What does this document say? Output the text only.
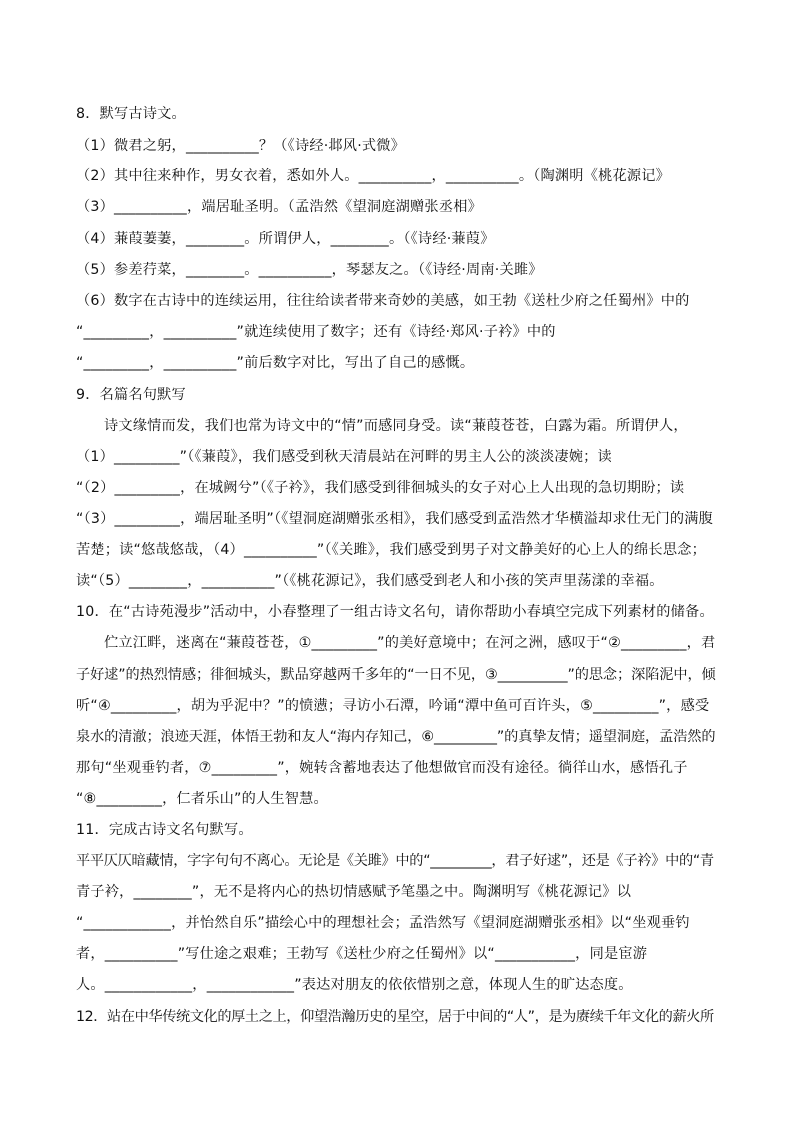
8．默写古诗文。
（1）微君之躬，__________？（《诗经·邶风·式微》
（2）其中往来种作，男女衣着，悉如外人。__________，__________。（陶渊明《桃花源记》
（3）__________，端居耻圣明。（孟浩然《望洞庭湖赠张丞相》
（4）蒹葭萋萋，________。所谓伊人，________。（《诗经·蒹葭》
（5）参差荇菜，________。__________，琴瑟友之。（《诗经·周南·关雎》
（6）数字在古诗中的连续运用，往往给读者带来奇妙的美感，如王勃《送杜少府之任蜀州》中的
“_________，__________”就连续使用了数字；还有《诗经·郑风·子衿》中的
“_________，__________”前后数字对比，写出了自己的感慨。
9．名篇名句默写
诗文缘情而发，我们也常为诗文中的“情”而感同身受。读“蒹葭苍苍，白露为霜。所谓伊人，
（1）_________”（《蒹葭》，我们感受到秋天清晨站在河畔的男主人公的淡淡凄婉；读
“（2）_________，在城阙兮”（《子衿》，我们感受到徘徊城头的女子对心上人出现的急切期盼；读
“（3）_________，端居耻圣明”（《望洞庭湖赠张丞相》，我们感受到孟浩然才华横溢却求仕无门的满腹
苦楚；读“悠哉悠哉，（4）__________”（《关雎》，我们感受到男子对文静美好的心上人的绵长思念；
读“（5）________，__________”（《桃花源记》，我们感受到老人和小孩的笑声里荡漾的幸福。
10．在“古诗苑漫步”活动中，小春整理了一组古诗文名句，请你帮助小春填空完成下列素材的储备。
伫立江畔，迷离在“蒹葭苍苍，①_________”的美好意境中；在河之洲，感叹于“②_________，君
子好逑”的热烈情感；徘徊城头，默品穿越两千多年的“一日不见，③__________”的思念；深陷泥中，倾
听“④_________，胡为乎泥中？”的愤懑；寻访小石潭，吟诵“潭中鱼可百许头，⑤_________”，感受
泉水的清澈；浪迹天涯，体悟王勃和友人“海内存知己，⑥_________”的真挚友情；遥望洞庭，孟浩然的
那句“坐观垂钓者，⑦_________”，婉转含蓄地表达了他想做官而没有途径。徜徉山水，感悟孔子
“⑧_________，仁者乐山”的人生智慧。
11．完成古诗文名句默写。
平平仄仄暗藏情，字字句句不离心。无论是《关雎》中的“_________，君子好逑”，还是《子衿》中的“青
青子衿，________”，无不是将内心的热切情感赋予笔墨之中。陶渊明写《桃花源记》以
“____________，并怡然自乐”描绘心中的理想社会；孟浩然写《望洞庭湖赠张丞相》以“坐观垂钓
者，__________”写仕途之艰难；王勃写《送杜少府之任蜀州》以“___________，同是宦游
人。____________，____________”表达对朋友的依依惜别之意，体现人生的旷达态度。
12．站在中华传统文化的厚土之上，仰望浩瀚历史的星空，居于中间的“人”，是为赓续千年文化的薪火所
